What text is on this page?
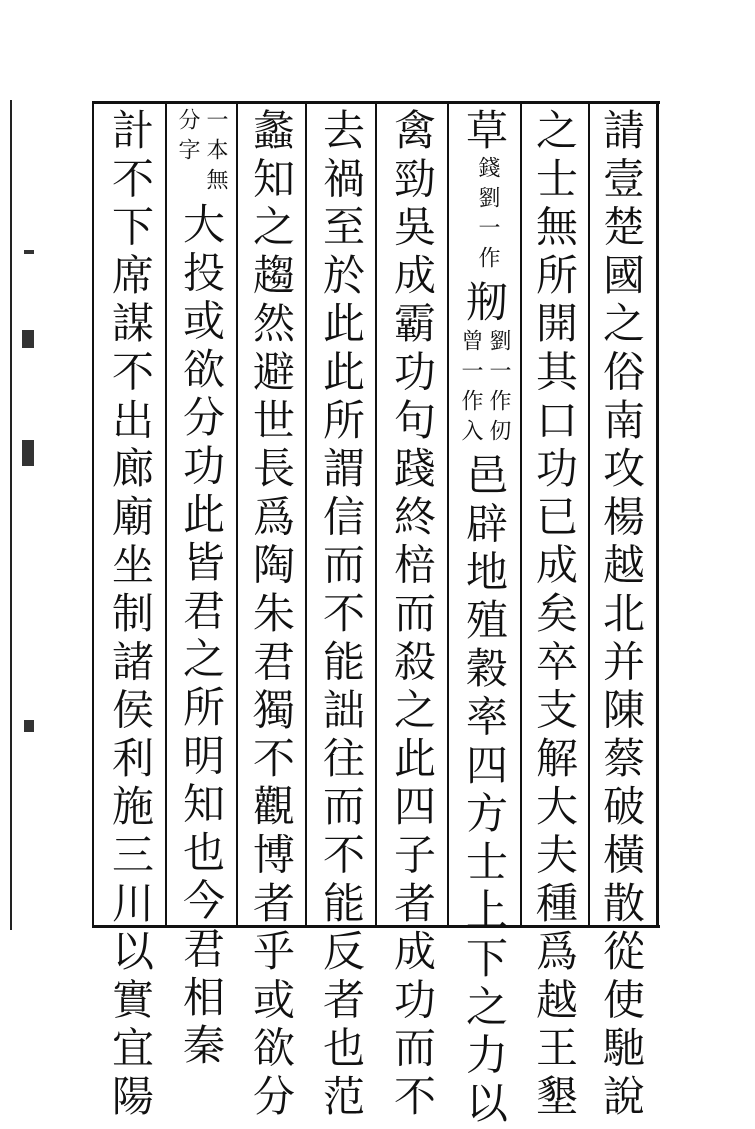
請壹楚國之俗南攻楊越北并陳蔡破橫散從使馳說
之士無所開其口功已成矣卒支解大夫種爲越王墾
草
錢劉一作
剏
劉一作仞
曾一作入
邑辟地殖穀率四方士上下之力以
禽勁吳成霸功句踐終棓而殺之此四子者成功而不
去禍至於此此所謂信而不能詘往而不能反者也范
蠡知之趨然避世長爲陶朱君獨不觀博者乎或欲分
一本無
分字
大投或欲分功此皆君之所明知也今君相秦
計不下席謀不出廊廟坐制諸侯利施三川以實宜陽
